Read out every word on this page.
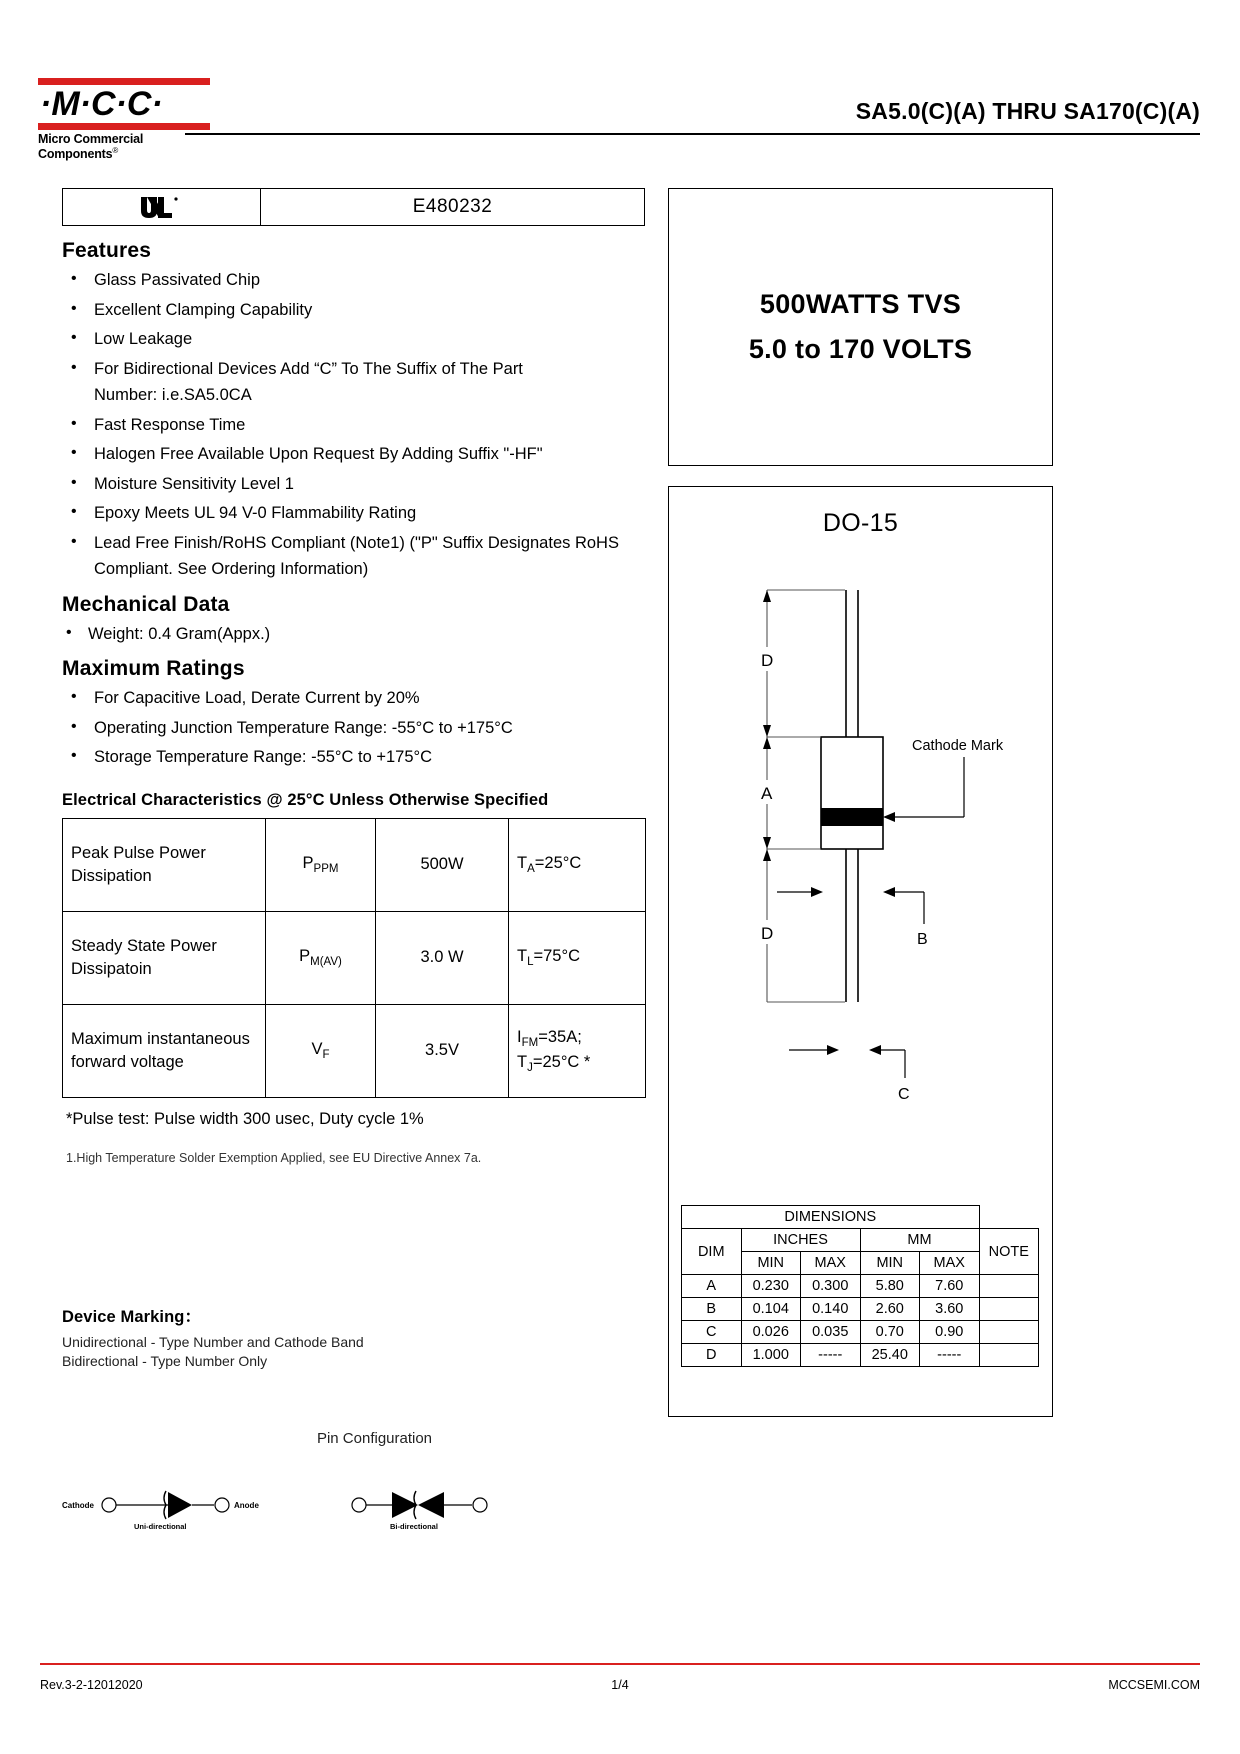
·M·C·C·
Micro Commercial Components®
SA5.0(C)(A) THRU SA170(C)(A)
E480232
Features
• Glass Passivated Chip
• Excellent Clamping Capability
• Low Leakage
• For Bidirectional Devices Add “C” To The Suffix of The Part Number: i.e.SA5.0CA
• Fast Response Time
• Halogen Free Available Upon Request By Adding Suffix "-HF"
• Moisture Sensitivity Level 1
• Epoxy Meets UL 94 V-0 Flammability Rating
• Lead Free Finish/RoHS Compliant (Note1) ("P" Suffix Designates RoHS Compliant. See Ordering Information)
Mechanical Data
• Weight: 0.4 Gram(Appx.)
Maximum Ratings
• For Capacitive Load, Derate Current by 20%
• Operating Junction Temperature Range: -55°C to +175°C
• Storage Temperature Range: -55°C to +175°C
Electrical Characteristics @ 25°C Unless Otherwise Specified
Peak Pulse Power Dissipation	$P_{PPM}$	500W	$T_A=25^\circ C$
Steady State Power Dissipatoin	$P_{M(AV)}$	3.0 W	$T_L=75^\circ C$
Maximum instantaneous forward voltage	$V_F$	3.5V	$I_{FM}=35A$;
$T_J=25^\circ C$ *

*Pulse test: Pulse width 300 usec, Duty cycle 1%

1.High Temperature Solder Exemption Applied, see EU Directive Annex 7a.

Device Marking：

Unidirectional - Type Number and Cathode Band

Bidirectional - Type Number Only

Pin Configuration
Cathode	Anode
Uni-directional	Bi-directional
500WATTS TVS
5.0 to 170 VOLTS
DO-15
D
A
D
Cathode Mark
B
C
DIMENSIONS					
DIM	INCHES		MM		NOTE
	MIN	MAX	MIN	MAX	
A	0.230	0.300	5.80	7.60	
B	0.104	0.140	2.60	3.60	
C	0.026	0.035	0.70	0.90	
D	1.000	-----	25.40	-----	
Rev.3-2-12012020	1/4	MCCSEMI.COM
